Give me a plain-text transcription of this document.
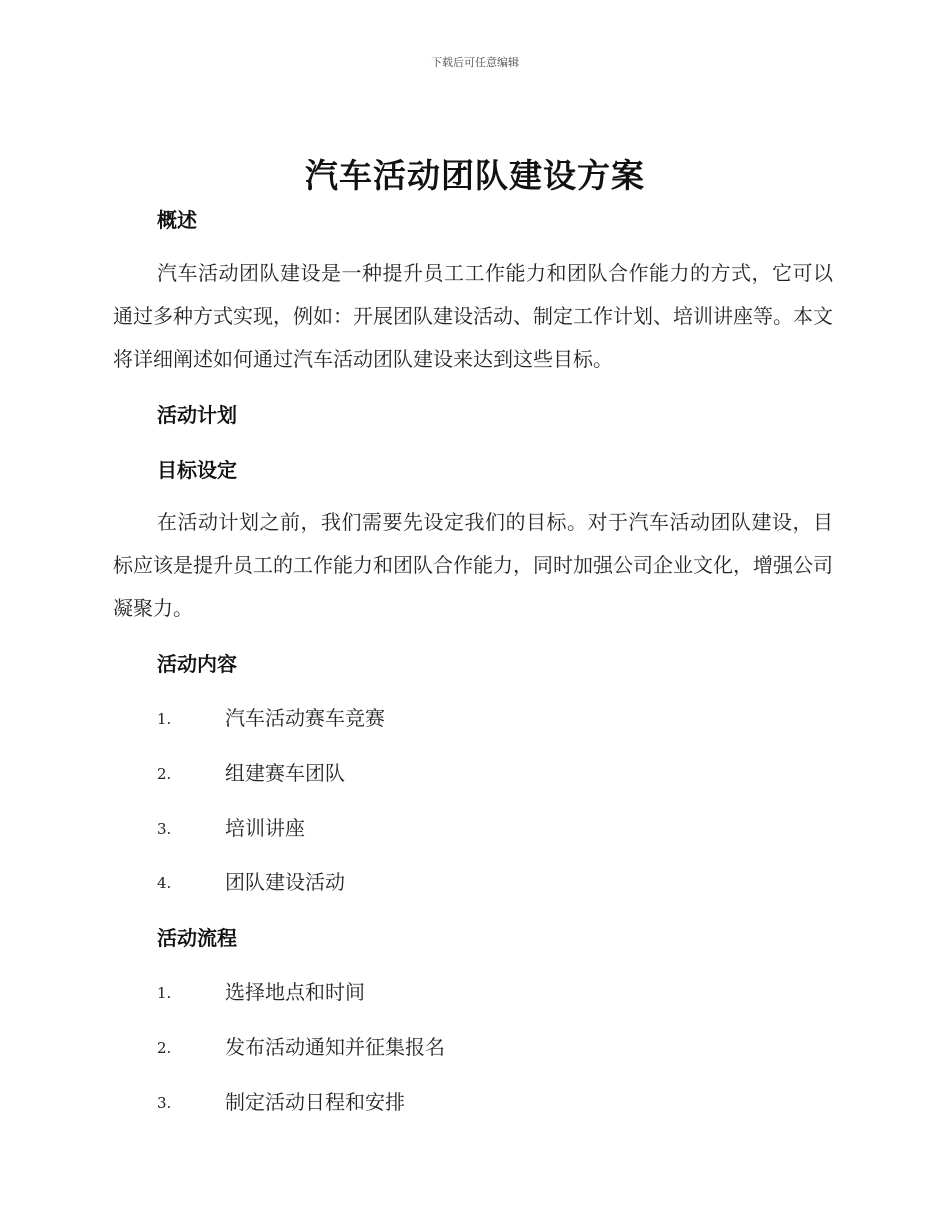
下载后可任意编辑
汽车活动团队建设方案
概述

汽车活动团队建设是一种提升员工工作能力和团队合作能力的方式，它可以通过多种方式实现，例如：开展团队建设活动、制定工作计划、培训讲座等。本文将详细阐述如何通过汽车活动团队建设来达到这些目标。

活动计划
目标设定

在活动计划之前，我们需要先设定我们的目标。对于汽车活动团队建设，目标应该是提升员工的工作能力和团队合作能力，同时加强公司企业文化，增强公司凝聚力。

活动内容
1.	汽车活动赛车竞赛
2.	组建赛车团队
3.	培训讲座
4.	团队建设活动
活动流程
1.	选择地点和时间
2.	发布活动通知并征集报名
3.	制定活动日程和安排
